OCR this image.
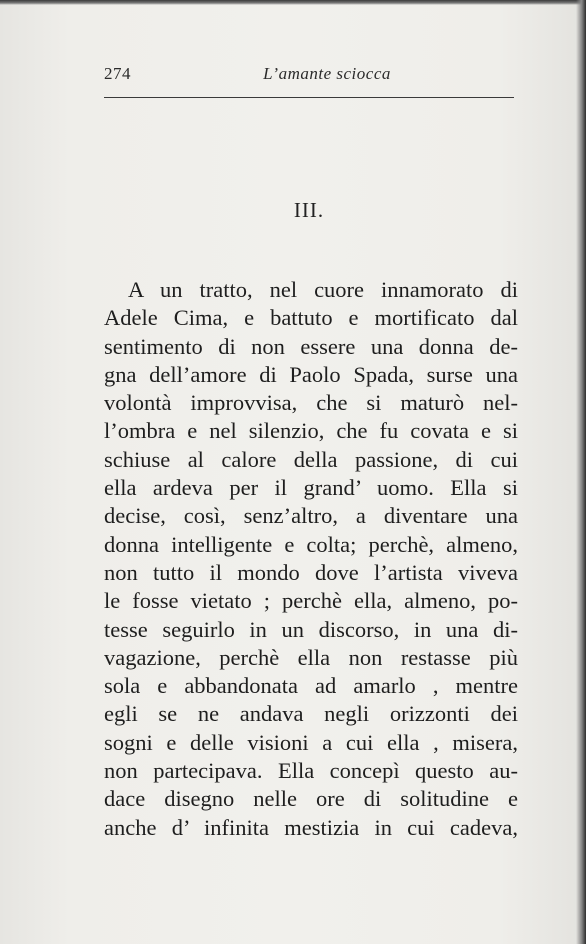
274	L’amante sciocca
III.
A un tratto, nel cuore innamorato di
Adele Cima, e battuto e mortificato dal
sentimento di non essere una donna de-
gna dell’amore di Paolo Spada, surse una
volontà improvvisa, che si maturò nel-
l’ombra e nel silenzio, che fu covata e si
schiuse al calore della passione, di cui
ella ardeva per il grand’ uomo. Ella si
decise, così, senz’altro, a diventare una
donna intelligente e colta; perchè, almeno,
non tutto il mondo dove l’artista viveva
le fosse vietato ; perchè ella, almeno, po-
tesse seguirlo in un discorso, in una di-
vagazione, perchè ella non restasse più
sola e abbandonata ad amarlo , mentre
egli se ne andava negli orizzonti dei
sogni e delle visioni a cui ella , misera,
non partecipava. Ella concepì questo au-
dace disegno nelle ore di solitudine e
anche d’ infinita mestizia in cui cadeva,
